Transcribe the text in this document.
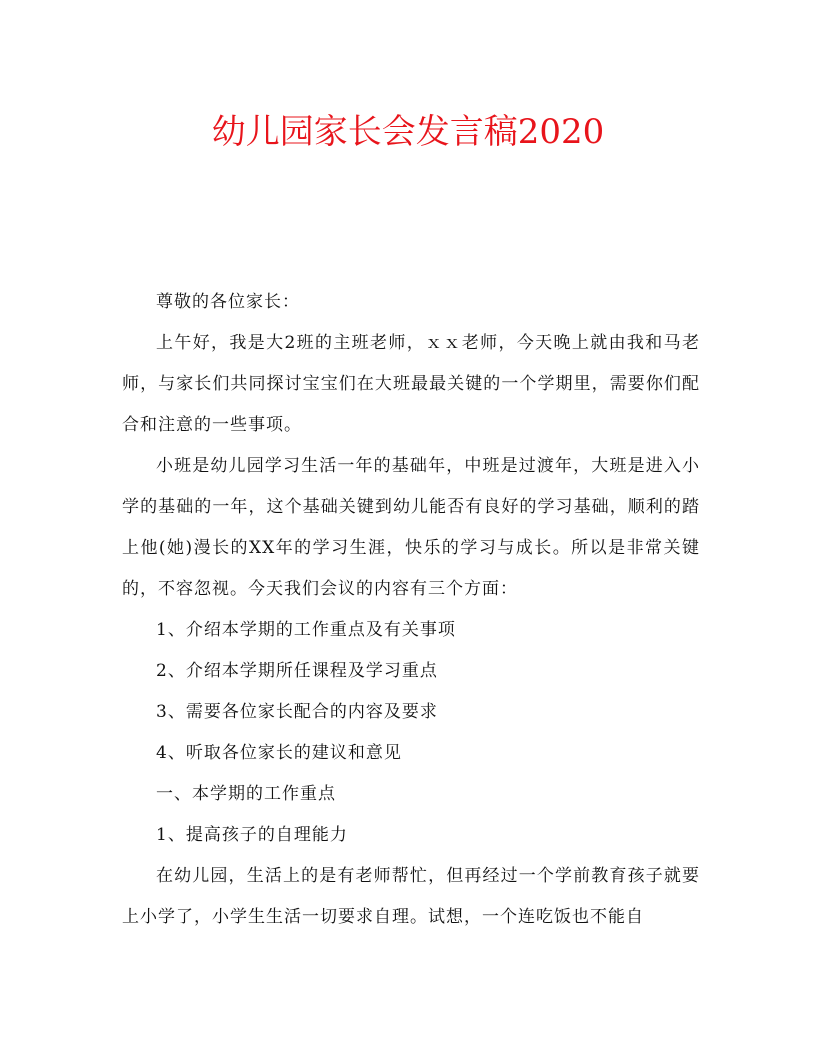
幼儿园家长会发言稿2020

尊敬的各位家长：

上午好，我是大2班的主班老师，ｘｘ老师，今天晚上就由我和马老师，与家长们共同探讨宝宝们在大班最最关键的一个学期里，需要你们配合和注意的一些事项。

小班是幼儿园学习生活一年的基础年，中班是过渡年，大班是进入小学的基础的一年，这个基础关键到幼儿能否有良好的学习基础，顺利的踏上他(她)漫长的XX年的学习生涯，快乐的学习与成长。所以是非常关键的，不容忽视。今天我们会议的内容有三个方面：

1、介绍本学期的工作重点及有关事项

2、介绍本学期所任课程及学习重点

3、需要各位家长配合的内容及要求

4、听取各位家长的建议和意见

一、本学期的工作重点

1、提高孩子的自理能力

在幼儿园，生活上的是有老师帮忙，但再经过一个学前教育孩子就要上小学了，小学生生活一切要求自理。试想，一个连吃饭也不能自
